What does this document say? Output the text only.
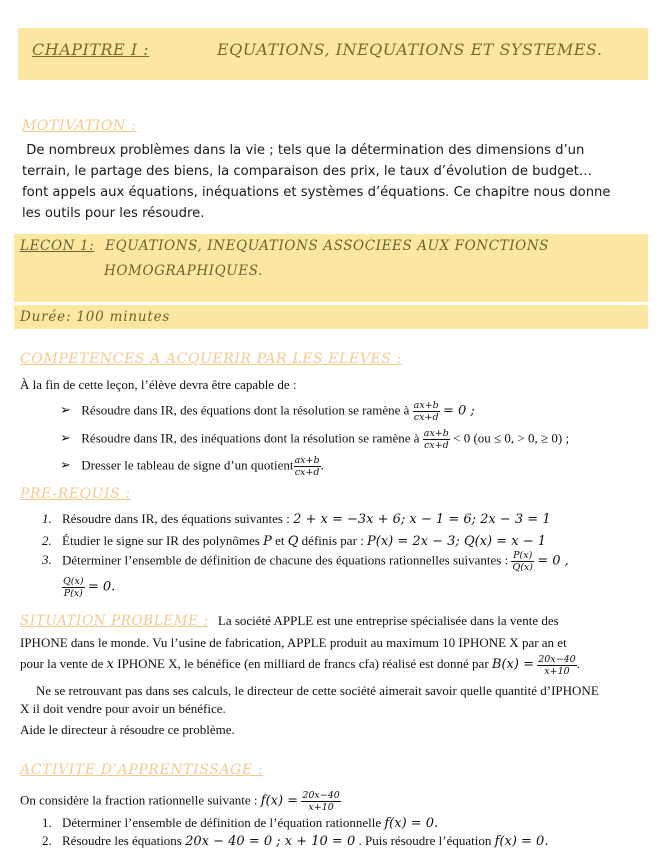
CHAPITRE I :	EQUATIONS, INEQUATIONS ET SYSTEMES.
MOTIVATION :
De nombreux problèmes dans la vie ; tels que la détermination des dimensions d’un
terrain, le partage des biens, la comparaison des prix, le taux d’évolution de budget…
font appels aux équations, inéquations et systèmes d’équations. Ce chapitre nous donne
les outils pour les résoudre.
LECON 1: EQUATIONS, INEQUATIONS ASSOCIEES AUX FONCTIONS
HOMOGRAPHIQUES.
Durée: 100 minutes
COMPETENCES A ACQUERIR PAR LES ELEVES :
À la fin de cette leçon, l’élève devra être capable de :
➢ Résoudre dans IR, des équations dont la résolution se ramène à $\frac{ax+b}{cx+d} = 0$ ;
➢ Résoudre dans IR, des inéquations dont la résolution se ramène à $\frac{ax+b}{cx+d} < 0$ (ou ≤ 0, > 0, ≥ 0) ;
➢ Dresser le tableau de signe d’un quotient $\frac{ax+b}{cx+d}$ .
PRE-REQUIS :
1. Résoudre dans IR, des équations suivantes : 2 + x = −3x + 6; x − 1 = 6; 2x − 3 = 1
2. Étudier le signe sur IR des polynômes P et Q définis par : P(x) = 2x − 3; Q(x) = x − 1
3. Déterminer l’ensemble de définition de chacune des équations rationnelles suivantes : $\frac{P(x)}{Q(x)} = 0$ ,
$\frac{Q(x)}{P(x)} = 0$.
SITUATION PROBLEME : La société APPLE est une entreprise spécialisée dans la vente des
IPHONE dans le monde. Vu l’usine de fabrication, APPLE produit au maximum 10 IPHONE X par an et
pour la vente de x IPHONE X, le bénéfice (en milliard de francs cfa) réalisé est donné par $B(x) = \frac{20x-40}{x+10}$ .
Ne se retrouvant pas dans ses calculs, le directeur de cette société aimerait savoir quelle quantité d’IPHONE
X il doit vendre pour avoir un bénéfice.
Aide le directeur à résoudre ce problème.
ACTIVITE D’APPRENTISSAGE :
On considère la fraction rationnelle suivante : $f(x) = \frac{20x-40}{x+10}$
1. Déterminer l’ensemble de définition de l’équation rationnelle f(x) = 0.
2. Résoudre les équations 20x − 40 = 0 ; x + 10 = 0 . Puis résoudre l’équation f(x) = 0.
